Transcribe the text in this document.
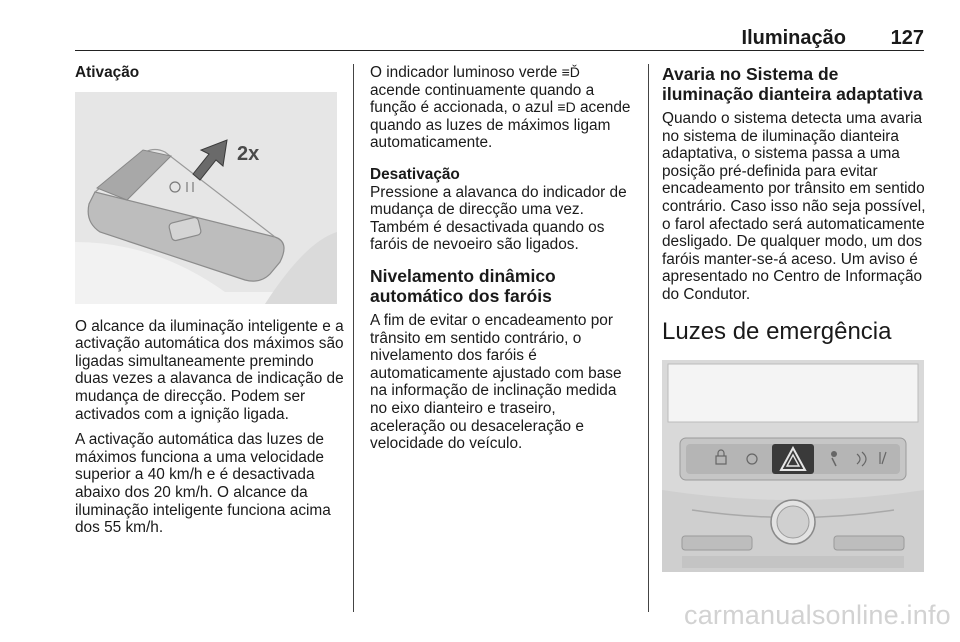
Iluminação 127
Ativação
2x

O alcance da iluminação inteligente e a activação automática dos máximos são ligadas simultaneamente premindo duas vezes a alavanca de indicação de mudança de direcção. Podem ser activados com a ignição ligada.

A activação automática das luzes de máximos funciona a uma velocidade superior a 40 km/h e é desactivada abaixo dos 20 km/h. O alcance da iluminação inteligente funciona acima dos 55 km/h.

O indicador luminoso verde ≡Ď acende continuamente quando a função é accionada, o azul ≡D acende quando as luzes de máximos ligam automaticamente.

Desativação

Pressione a alavanca do indicador de mudança de direcção uma vez. Também é desactivada quando os faróis de nevoeiro são ligados.

Nivelamento dinâmico automático dos faróis

A fim de evitar o encadeamento por trânsito em sentido contrário, o nivelamento dos faróis é automaticamente ajustado com base na informação de inclinação medida no eixo dianteiro e traseiro, aceleração ou desaceleração e velocidade do veículo.

Avaria no Sistema de iluminação dianteira adaptativa

Quando o sistema detecta uma avaria no sistema de iluminação dianteira adaptativa, o sistema passa a uma posição pré-definida para evitar encadeamento por trânsito em sentido contrário. Caso isso não seja possível, o farol afectado será automaticamente desligado. De qualquer modo, um dos faróis manter-se-á aceso. Um aviso é apresentado no Centro de Informação do Condutor.

Luzes de emergência
carmanualsonline.info
